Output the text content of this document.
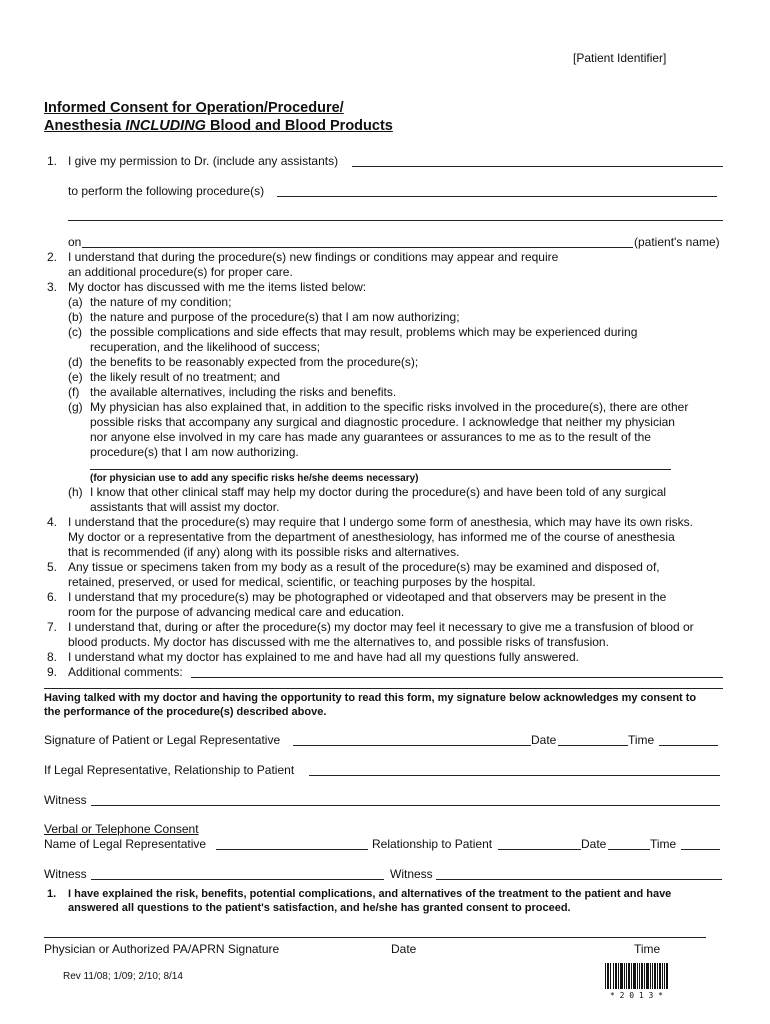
[Patient Identifier]
Informed Consent for Operation/Procedure/
Anesthesia INCLUDING Blood and Blood Products
1. I give my permission to Dr. (include any assistants)
to perform the following procedure(s)
on	(patient's name)
2. I understand that during the procedure(s) new findings or conditions may appear and require
an additional procedure(s) for proper care.
3. My doctor has discussed with me the items listed below:
(a) the nature of my condition;
(b) the nature and purpose of the procedure(s) that I am now authorizing;
(c) the possible complications and side effects that may result, problems which may be experienced during
recuperation, and the likelihood of success;
(d) the benefits to be reasonably expected from the procedure(s);
(e) the likely result of no treatment; and
(f) the available alternatives, including the risks and benefits.
(g) My physician has also explained that, in addition to the specific risks involved in the procedure(s), there are other
possible risks that accompany any surgical and diagnostic procedure. I acknowledge that neither my physician
nor anyone else involved in my care has made any guarantees or assurances to me as to the result of the
procedure(s) that I am now authorizing.
(for physician use to add any specific risks he/she deems necessary)
(h) I know that other clinical staff may help my doctor during the procedure(s) and have been told of any surgical
assistants that will assist my doctor.
4. I understand that the procedure(s) may require that I undergo some form of anesthesia, which may have its own risks.
My doctor or a representative from the department of anesthesiology, has informed me of the course of anesthesia
that is recommended (if any) along with its possible risks and alternatives.
5. Any tissue or specimens taken from my body as a result of the procedure(s) may be examined and disposed of,
retained, preserved, or used for medical, scientific, or teaching purposes by the hospital.
6. I understand that my procedure(s) may be photographed or videotaped and that observers may be present in the
room for the purpose of advancing medical care and education.
7. I understand that, during or after the procedure(s) my doctor may feel it necessary to give me a transfusion of blood or
blood products. My doctor has discussed with me the alternatives to, and possible risks of transfusion.
8. I understand what my doctor has explained to me and have had all my questions fully answered.
9. Additional comments:
Having talked with my doctor and having the opportunity to read this form, my signature below acknowledges my consent to
the performance of the procedure(s) described above.
Signature of Patient or Legal Representative	Date	Time
If Legal Representative, Relationship to Patient
Witness
Verbal or Telephone Consent
Name of Legal Representative	Relationship to Patient	Date	Time
Witness	Witness
1. I have explained the risk, benefits, potential complications, and alternatives of the treatment to the patient and have
answered all questions to the patient's satisfaction, and he/she has granted consent to proceed.
Physician or Authorized PA/APRN Signature	Date	Time
Rev 11/08; 1/09; 2/10; 8/14
* 2 0 1 3 *
